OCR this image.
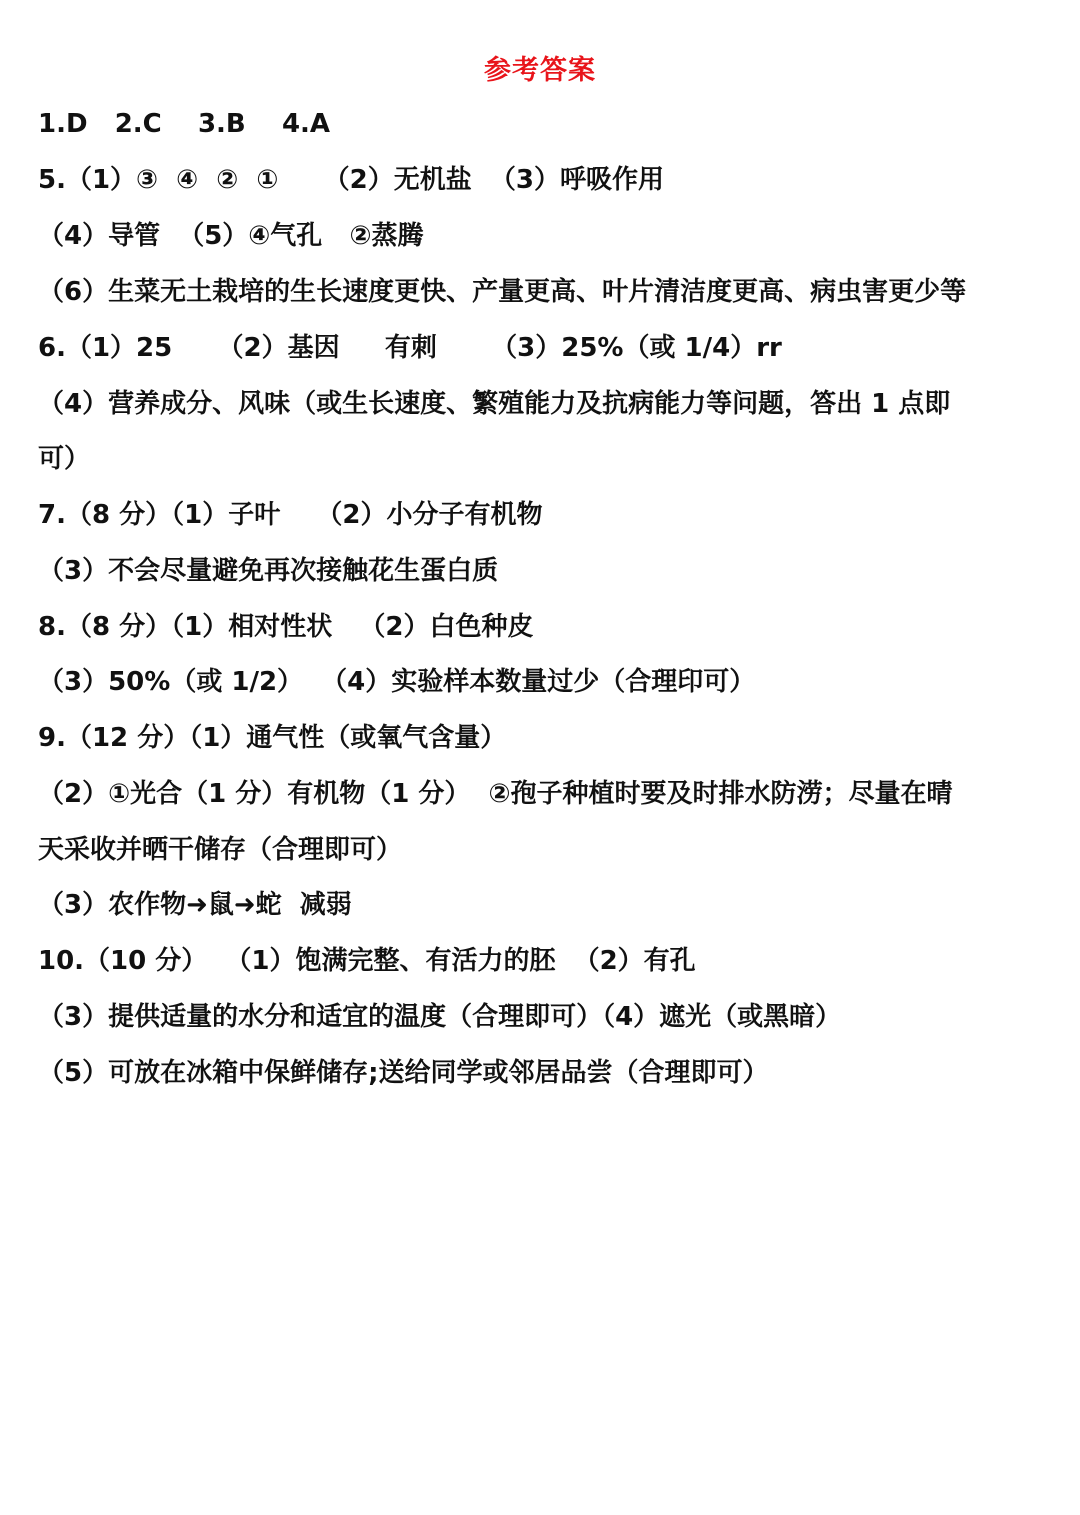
参考答案
1.D   2.C    3.B    4.A
5.（1）③  ④  ②  ①     （2）无机盐  （3）呼吸作用
（4）导管  （5）④气孔   ②蒸腾
（6）生菜无土栽培的生长速度更快、产量更高、叶片清洁度更高、病虫害更少等
6.（1）25     （2）基因     有刺      （3）25%（或 1/4）rr
（4）营养成分、风味（或生长速度、繁殖能力及抗病能力等问题，答出 1 点即
可）
7.（8 分）（1）子叶    （2）小分子有机物
（3）不会尽量避免再次接触花生蛋白质
8.（8 分）（1）相对性状   （2）白色种皮
（3）50%（或 1/2）  （4）实验样本数量过少（合理印可）
9.（12 分）（1）通气性（或氧气含量）
（2）①光合（1 分）有机物（1 分）  ②孢子种植时要及时排水防涝；尽量在晴
天采收并晒干储存（合理即可）
（3）农作物➜鼠➜蛇  减弱
10.（10 分）  （1）饱满完整、有活力的胚  （2）有孔
（3）提供适量的水分和适宜的温度（合理即可）（4）遮光（或黑暗）
（5）可放在冰箱中保鲜储存;送给同学或邻居品尝（合理即可）
